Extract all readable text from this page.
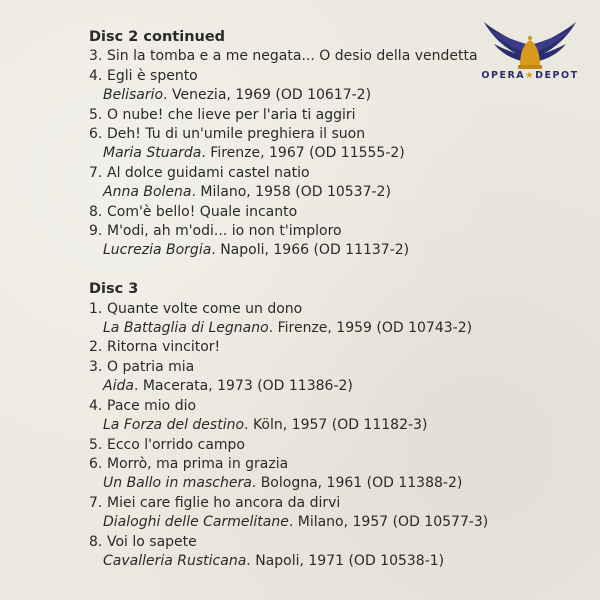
OPERA★DEPOT
Disc 2 continued
3. Sin la tomba e a me negata... O desio della vendetta
4. Egli è spento
Belisario. Venezia, 1969 (OD 10617-2)
5. O nube! che lieve per l'aria ti aggiri
6. Deh! Tu di un'umile preghiera il suon
Maria Stuarda. Firenze, 1967 (OD 11555-2)
7. Al dolce guidami castel natio
Anna Bolena. Milano, 1958 (OD 10537-2)
8. Com'è bello! Quale incanto
9. M'odi, ah m'odi... io non t'imploro
Lucrezia Borgia. Napoli, 1966 (OD 11137-2)
Disc 3
1. Quante volte come un dono
La Battaglia di Legnano. Firenze, 1959 (OD 10743-2)
2. Ritorna vincitor!
3. O patria mia
Aida. Macerata, 1973 (OD 11386-2)
4. Pace mio dio
La Forza del destino. Köln, 1957 (OD 11182-3)
5. Ecco l'orrido campo
6. Morrò, ma prima in grazia
Un Ballo in maschera. Bologna, 1961 (OD 11388-2)
7. Miei care figlie ho ancora da dirvi
Dialoghi delle Carmelitane. Milano, 1957 (OD 10577-3)
8. Voi lo sapete
Cavalleria Rusticana. Napoli, 1971 (OD 10538-1)
